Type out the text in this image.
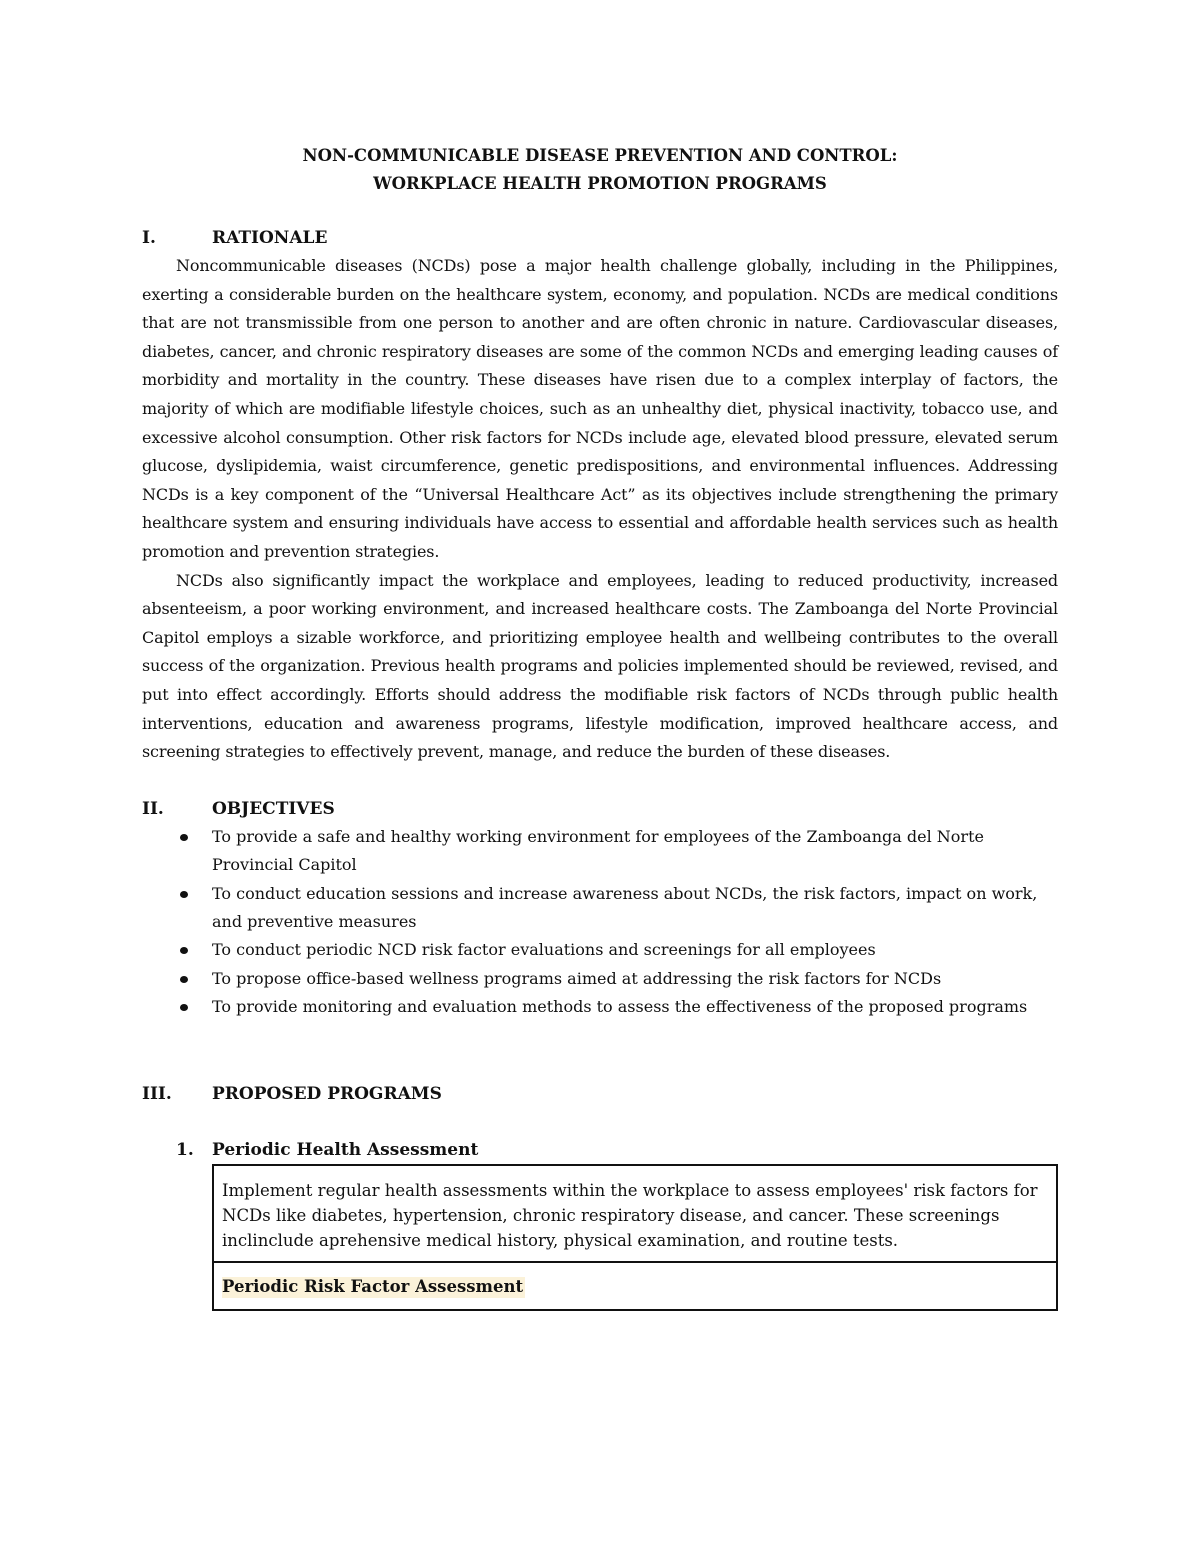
NON-COMMUNICABLE DISEASE PREVENTION AND CONTROL:

WORKPLACE HEALTH PROMOTION PROGRAMS

I.	RATIONALE

Noncommunicable diseases (NCDs) pose a major health challenge globally, including in the Philippines, exerting a considerable burden on the healthcare system, economy, and population. NCDs are medical conditions that are not transmissible from one person to another and are often chronic in nature. Cardiovascular diseases, diabetes, cancer, and chronic respiratory diseases are some of the common NCDs and emerging leading causes of morbidity and mortality in the country. These diseases have risen due to a complex interplay of factors, the majority of which are modifiable lifestyle choices, such as an unhealthy diet, physical inactivity, tobacco use, and excessive alcohol consumption. Other risk factors for NCDs include age, elevated blood pressure, elevated serum glucose, dyslipidemia, waist circumference, genetic predispositions, and environmental influences. Addressing NCDs is a key component of the “Universal Healthcare Act” as its objectives include strengthening the primary healthcare system and ensuring individuals have access to essential and affordable health services such as health promotion and prevention strategies.

NCDs also significantly impact the workplace and employees, leading to reduced productivity, increased absenteeism, a poor working environment, and increased healthcare costs. The Zamboanga del Norte Provincial Capitol employs a sizable workforce, and prioritizing employee health and wellbeing contributes to the overall success of the organization. Previous health programs and policies implemented should be reviewed, revised, and put into effect accordingly. Efforts should address the modifiable risk factors of NCDs through public health interventions, education and awareness programs, lifestyle modification, improved healthcare access, and screening strategies to effectively prevent, manage, and reduce the burden of these diseases.

II.	OBJECTIVES
To provide a safe and healthy working environment for employees of the Zamboanga del Norte Provincial Capitol
To conduct education sessions and increase awareness about NCDs, the risk factors, impact on work, and preventive measures
To conduct periodic NCD risk factor evaluations and screenings for all employees
To propose office-based wellness programs aimed at addressing the risk factors for NCDs
To provide monitoring and evaluation methods to assess the effectiveness of the proposed programs
III.	PROPOSED PROGRAMS
1.	Periodic Health Assessment
Implement regular health assessments within the workplace to assess employees' risk factors for NCDs like diabetes, hypertension, chronic respiratory disease, and cancer. These screenings inclinclude aprehensive medical history, physical examination, and routine tests.
Periodic Risk Factor Assessment
